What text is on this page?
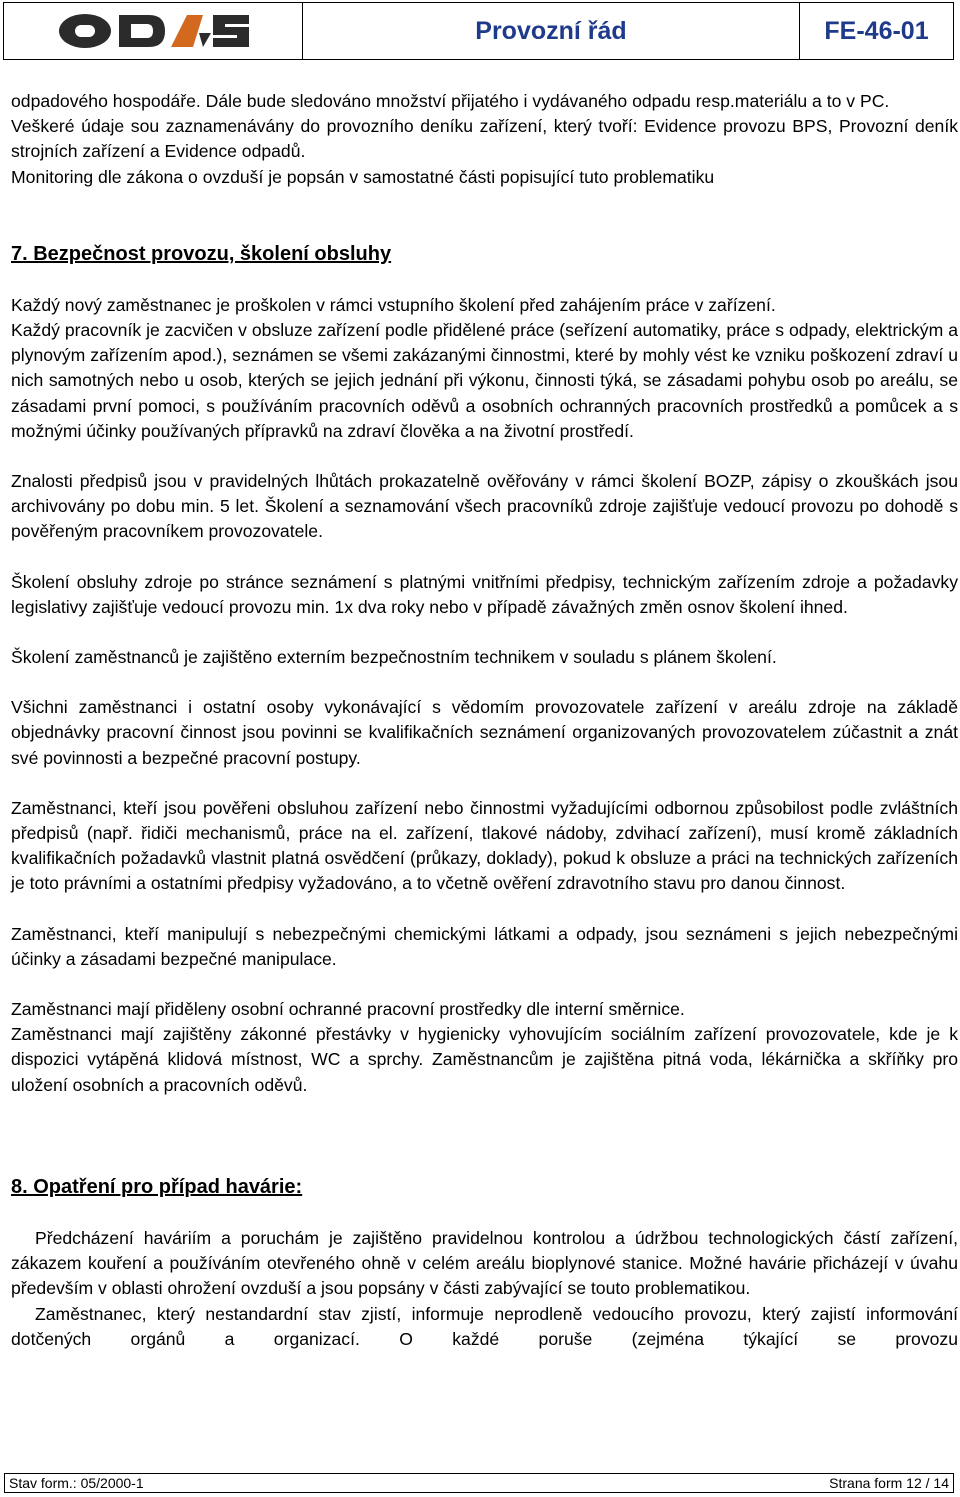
Provozní řád	FE-46-01

odpadového hospodáře. Dále bude sledováno množství přijatého i vydávaného odpadu resp.materiálu a to v PC.

Veškeré údaje sou zaznamenávány do provozního deníku zařízení, který tvoří: Evidence provozu BPS, Provozní deník strojních zařízení a Evidence odpadů.

Monitoring dle zákona o ovzduší je popsán v samostatné části popisující tuto problematiku

7. Bezpečnost provozu, školení obsluhy

Každý nový zaměstnanec je proškolen v rámci vstupního školení před zahájením práce v zařízení.

Každý pracovník je zacvičen v obsluze zařízení podle přidělené práce (seřízení automatiky, práce s odpady, elektrickým a plynovým zařízením apod.), seznámen se všemi zakázanými činnostmi, které by mohly vést ke vzniku poškození zdraví u nich samotných nebo u osob, kterých se jejich jednání při výkonu, činnosti týká, se zásadami pohybu osob po areálu, se zásadami první pomoci, s používáním pracovních oděvů a osobních ochranných pracovních prostředků a pomůcek a s možnými účinky používaných přípravků na zdraví člověka a na životní prostředí.

Znalosti předpisů jsou v pravidelných lhůtách prokazatelně ověřovány v rámci školení BOZP, zápisy o zkouškách jsou archivovány po dobu min. 5 let. Školení a seznamování všech pracovníků zdroje zajišťuje vedoucí provozu po dohodě s pověřeným pracovníkem provozovatele.

Školení obsluhy zdroje po stránce seznámení s platnými vnitřními předpisy, technickým zařízením zdroje a požadavky legislativy zajišťuje vedoucí provozu min. 1x dva roky nebo v případě závažných změn osnov školení ihned.

Školení zaměstnanců je zajištěno externím bezpečnostním technikem v souladu s plánem školení.

Všichni zaměstnanci i ostatní osoby vykonávající s vědomím provozovatele zařízení v areálu zdroje na základě objednávky pracovní činnost jsou povinni se kvalifikačních seznámení organizovaných provozovatelem zúčastnit a znát své povinnosti a bezpečné pracovní postupy.

Zaměstnanci, kteří jsou pověřeni obsluhou zařízení nebo činnostmi vyžadujícími odbornou způsobilost podle zvláštních předpisů (např. řidiči mechanismů, práce na el. zařízení, tlakové nádoby, zdvihací zařízení), musí kromě základních kvalifikačních požadavků vlastnit platná osvědčení (průkazy, doklady), pokud k obsluze a práci na technických zařízeních je toto právními a ostatními předpisy vyžadováno, a to včetně ověření zdravotního stavu pro danou činnost.

Zaměstnanci, kteří manipulují s nebezpečnými chemickými látkami a odpady, jsou seznámeni s jejich nebezpečnými účinky a zásadami bezpečné manipulace.

Zaměstnanci mají přiděleny osobní ochranné pracovní prostředky dle interní směrnice.

Zaměstnanci mají zajištěny zákonné přestávky v hygienicky vyhovujícím sociálním zařízení provozovatele, kde je k dispozici vytápěná klidová místnost, WC a sprchy. Zaměstnancům je zajištěna pitná voda, lékárnička a skříňky pro uložení osobních a pracovních oděvů.

8. Opatření pro případ havárie:

Předcházení haváriím a poruchám je zajištěno pravidelnou kontrolou a údržbou technologických částí zařízení, zákazem kouření a používáním otevřeného ohně v celém areálu bioplynové stanice. Možné havárie přicházejí v úvahu především v oblasti ohrožení ovzduší a jsou popsány v části zabývající se touto problematikou.

Zaměstnanec, který nestandardní stav zjistí, informuje neprodleně vedoucího provozu, který zajistí informování dotčených orgánů a organizací. O každé poruše (zejména týkající se provozu

Stav form.: 05/2000-1	Strana form 12 / 14
